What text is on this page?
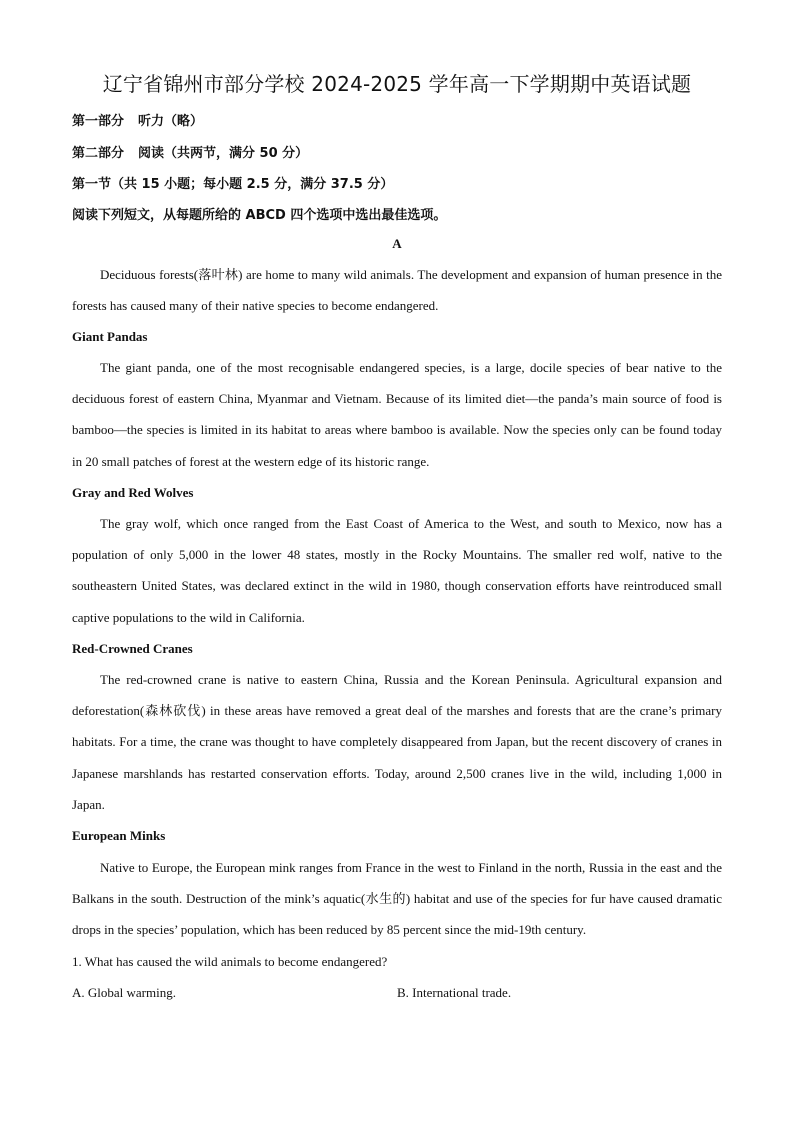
辽宁省锦州市部分学校 2024-2025 学年高一下学期期中英语试题
第一部分 听力（略）
第二部分 阅读（共两节，满分 50 分）
第一节（共 15 小题；每小题 2.5 分，满分 37.5 分）
阅读下列短文，从每题所给的 ABCD 四个选项中选出最佳选项。
A
Deciduous forests(落叶林) are home to many wild animals. The development and expansion of human presence in the forests has caused many of their native species to become endangered.
Giant Pandas
The giant panda, one of the most recognisable endangered species, is a large, docile species of bear native to the deciduous forest of eastern China, Myanmar and Vietnam. Because of its limited diet—the panda’s main source of food is bamboo—the species is limited in its habitat to areas where bamboo is available. Now the species only can be found today in 20 small patches of forest at the western edge of its historic range.
Gray and Red Wolves
The gray wolf, which once ranged from the East Coast of America to the West, and south to Mexico, now has a population of only 5,000 in the lower 48 states, mostly in the Rocky Mountains. The smaller red wolf, native to the southeastern United States, was declared extinct in the wild in 1980, though conservation efforts have reintroduced small captive populations to the wild in California.
Red-Crowned Cranes
The red-crowned crane is native to eastern China, Russia and the Korean Peninsula. Agricultural expansion and deforestation(森林砍伐) in these areas have removed a great deal of the marshes and forests that are the crane’s primary habitats. For a time, the crane was thought to have completely disappeared from Japan, but the recent discovery of cranes in Japanese marshlands has restarted conservation efforts. Today, around 2,500 cranes live in the wild, including 1,000 in Japan.
European Minks
Native to Europe, the European mink ranges from France in the west to Finland in the north, Russia in the east and the Balkans in the south. Destruction of the mink’s aquatic(水生的) habitat and use of the species for fur have caused dramatic drops in the species’ population, which has been reduced by 85 percent since the mid-19th century.
1. What has caused the wild animals to become endangered?
A. Global warming.	B. International trade.
